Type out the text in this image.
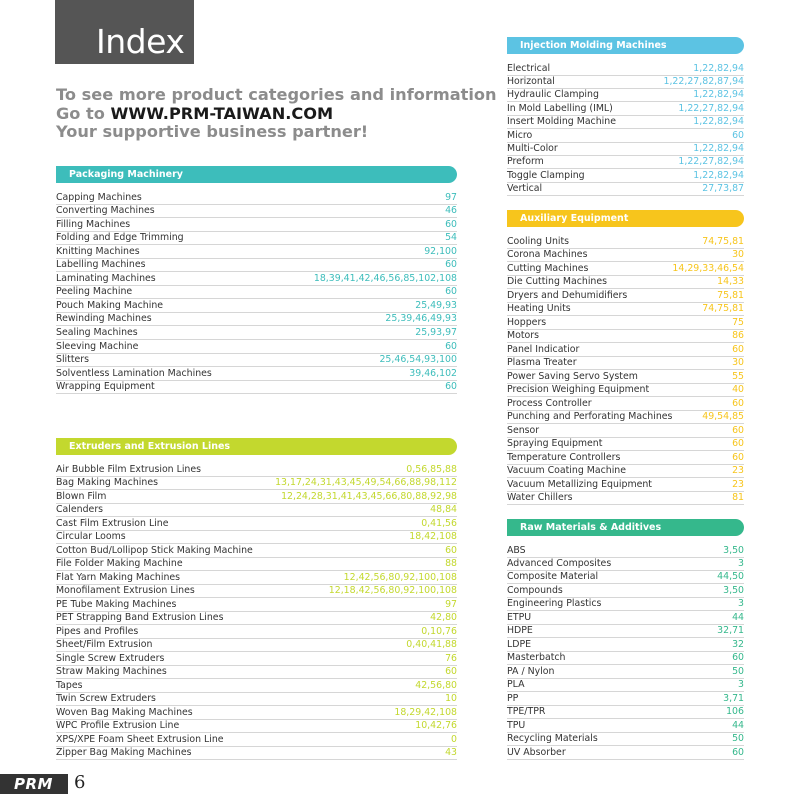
Index
To see more product categories and information
Go to WWW.PRM-TAIWAN.COM
Your supportive business partner!
Packaging Machinery
Capping Machines	97
Converting Machines	46
Filling Machines	60
Folding and Edge Trimming	54
Knitting Machines	92,100
Labelling Machines	60
Laminating Machines	18,39,41,42,46,56,85,102,108
Peeling Machine	60
Pouch Making Machine	25,49,93
Rewinding Machines	25,39,46,49,93
Sealing Machines	25,93,97
Sleeving Machine	60
Slitters	25,46,54,93,100
Solventless Lamination Machines	39,46,102
Wrapping Equipment	60
Extruders and Extrusion Lines
Air Bubble Film Extrusion Lines	0,56,85,88
Bag Making Machines	13,17,24,31,43,45,49,54,66,88,98,112
Blown Film	12,24,28,31,41,43,45,66,80,88,92,98
Calenders	48,84
Cast Film Extrusion Line	0,41,56
Circular Looms	18,42,108
Cotton Bud/Lollipop Stick Making Machine	60
File Folder Making Machine	88
Flat Yarn Making Machines	12,42,56,80,92,100,108
Monofilament Extrusion Lines	12,18,42,56,80,92,100,108
PE Tube Making Machines	97
PET Strapping Band Extrusion Lines	42,80
Pipes and Profiles	0,10,76
Sheet/Film Extrusion	0,40,41,88
Single Screw Extruders	76
Straw Making Machines	60
Tapes	42,56,80
Twin Screw Extruders	10
Woven Bag Making Machines	18,29,42,108
WPC Profile Extrusion Line	10,42,76
XPS/XPE Foam Sheet Extrusion Line	0
Zipper Bag Making Machines	43
Injection Molding Machines
Electrical	1,22,82,94
Horizontal	1,22,27,82,87,94
Hydraulic Clamping	1,22,82,94
In Mold Labelling (IML)	1,22,27,82,94
Insert Molding Machine	1,22,82,94
Micro	60
Multi-Color	1,22,82,94
Preform	1,22,27,82,94
Toggle Clamping	1,22,82,94
Vertical	27,73,87
Auxiliary Equipment
Cooling Units	74,75,81
Corona Machines	30
Cutting Machines	14,29,33,46,54
Die Cutting Machines	14,33
Dryers and Dehumidifiers	75,81
Heating Units	74,75,81
Hoppers	75
Motors	86
Panel Indicatior	60
Plasma Treater	30
Power Saving Servo System	55
Precision Weighing Equipment	40
Process Controller	60
Punching and Perforating Machines	49,54,85
Sensor	60
Spraying Equipment	60
Temperature Controllers	60
Vacuum Coating Machine	23
Vacuum Metallizing Equipment	23
Water Chillers	81
Raw Materials & Additives
ABS	3,50
Advanced Composites	3
Composite Material	44,50
Compounds	3,50
Engineering Plastics	3
ETPU	44
HDPE	32,71
LDPE	32
Masterbatch	60
PA / Nylon	50
PLA	3
PP	3,71
TPE/TPR	106
TPU	44
Recycling Materials	50
UV Absorber	60
PRM 6
